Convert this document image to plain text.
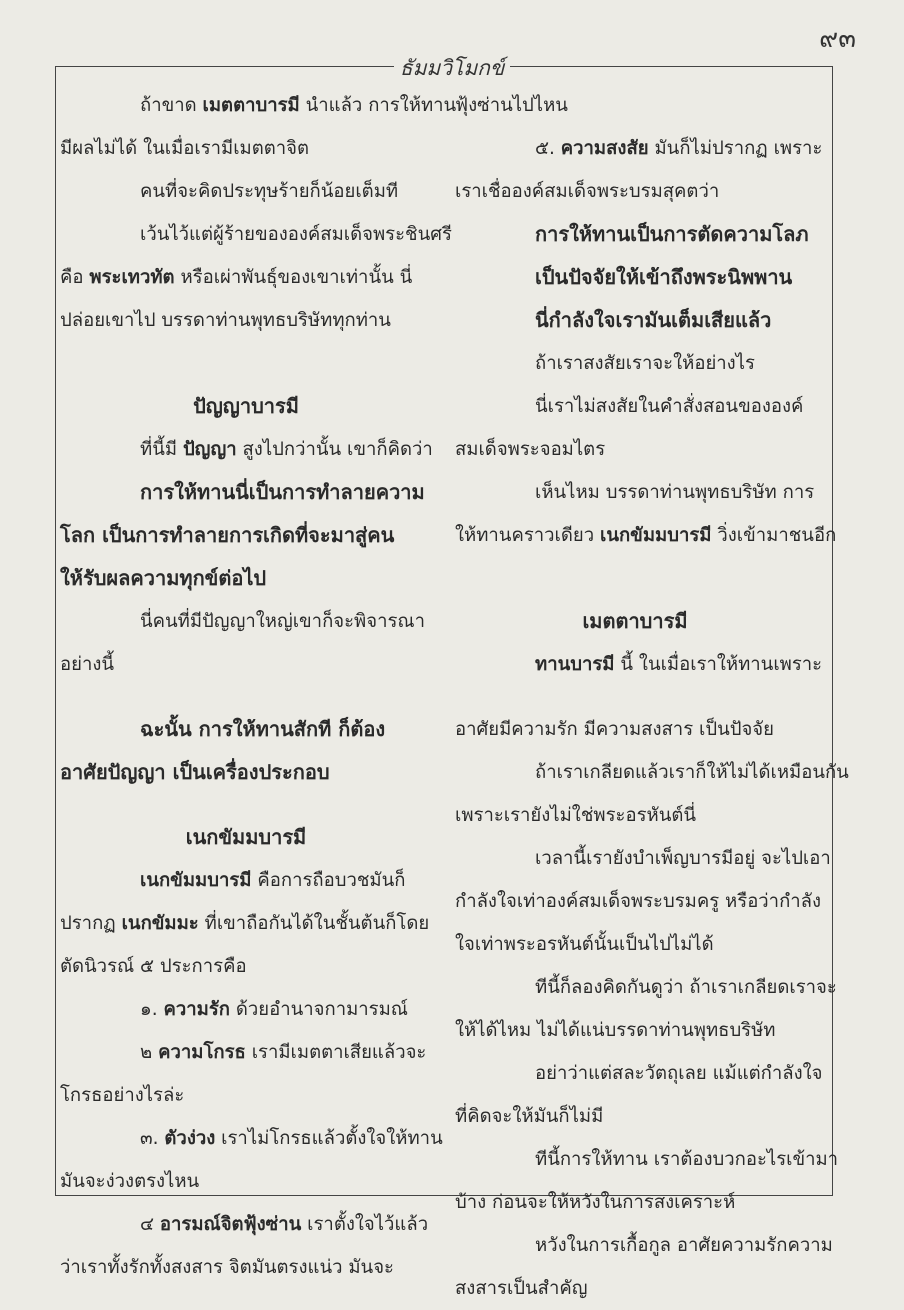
๙๓
ธัมมวิโมกข์
ถ้าขาด เมตตาบารมี นำแล้ว การให้ทาน
มีผลไม่ได้ ในเมื่อเรามีเมตตาจิต
คนที่จะคิดประทุษร้ายก็น้อยเต็มที
เว้นไว้แต่ผู้ร้ายขององค์สมเด็จพระชินศรี
คือ พระเทวทัต หรือเผ่าพันธุ์ของเขาเท่านั้น นี่
ปล่อยเขาไป บรรดาท่านพุทธบริษัททุกท่าน
ปัญญาบารมี
ที่นี้มี ปัญญา สูงไปกว่านั้น เขาก็คิดว่า
การให้ทานนี่เป็นการทำลายความ
โลก เป็นการทำลายการเกิดที่จะมาสู่คน
ให้รับผลความทุกข์ต่อไป
นี่คนที่มีปัญญาใหญ่เขาก็จะพิจารณา
อย่างนี้
ฉะนั้น การให้ทานสักที ก็ต้อง
อาศัยปัญญา เป็นเครื่องประกอบ
เนกขัมมบารมี
เนกขัมมบารมี คือการถือบวชมันก็
ปรากฏ เนกขัมมะ ที่เขาถือกันได้ในชั้นต้นก็โดย
ตัดนิวรณ์ ๕ ประการคือ
๑. ความรัก ด้วยอำนาจกามารมณ์
๒ ความโกรธ เรามีเมตตาเสียแล้วจะ
โกรธอย่างไรล่ะ
๓. ตัวง่วง เราไม่โกรธแล้วตั้งใจให้ทาน
มันจะง่วงตรงไหน
๔ อารมณ์จิตฟุ้งซ่าน เราตั้งใจไว้แล้ว
ว่าเราทั้งรักทั้งสงสาร จิตมันตรงแน่ว มันจะ
ฟุ้งซ่านไปไหน
๕. ความสงสัย มันก็ไม่ปรากฏ เพราะ
เราเชื่อองค์สมเด็จพระบรมสุคตว่า
การให้ทานเป็นการตัดความโลภ
เป็นปัจจัยให้เข้าถึงพระนิพพาน
นี่กำลังใจเรามันเต็มเสียแล้ว
ถ้าเราสงสัยเราจะให้อย่างไร
นี่เราไม่สงสัยในคำสั่งสอนขององค์
สมเด็จพระจอมไตร
เห็นไหม บรรดาท่านพุทธบริษัท การ
ให้ทานคราวเดียว เนกขัมมบารมี วิ่งเข้ามาชนอีก
เมตตาบารมี
ทานบารมี นี้ ในเมื่อเราให้ทานเพราะ
อาศัยมีความรัก มีความสงสาร เป็นปัจจัย
ถ้าเราเกลียดแล้วเราก็ให้ไม่ได้เหมือนกัน
เพราะเรายังไม่ใช่พระอรหันต์นี่
เวลานี้เรายังบำเพ็ญบารมีอยู่ จะไปเอา
กำลังใจเท่าองค์สมเด็จพระบรมครู หรือว่ากำลัง
ใจเท่าพระอรหันต์นั้นเป็นไปไม่ได้
ทีนี้ก็ลองคิดกันดูว่า ถ้าเราเกลียดเราจะ
ให้ได้ไหม ไม่ได้แน่บรรดาท่านพุทธบริษัท
อย่าว่าแต่สละวัตถุเลย แม้แต่กำลังใจ
ที่คิดจะให้มันก็ไม่มี
ทีนี้การให้ทาน เราต้องบวกอะไรเข้ามา
บ้าง ก่อนจะให้หวังในการสงเคราะห์
หวังในการเกื้อกูล อาศัยความรักความ
สงสารเป็นสำคัญ
